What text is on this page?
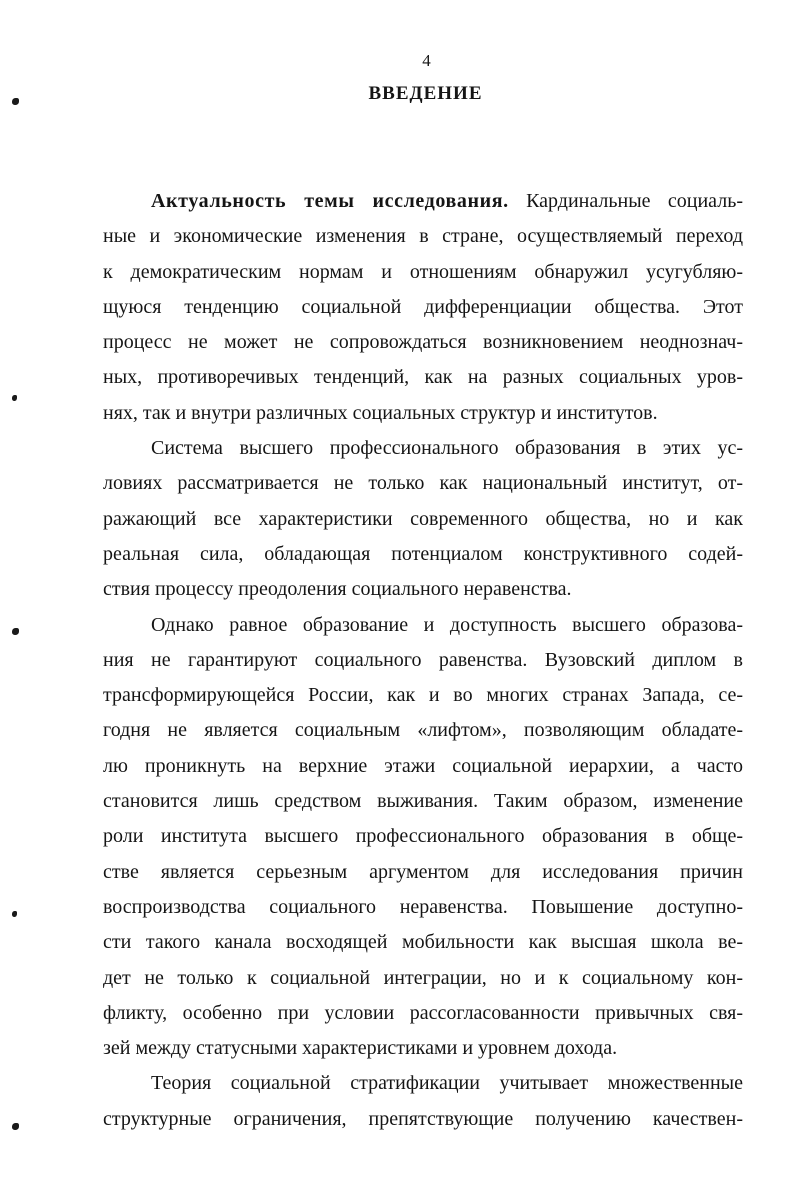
4
ВВЕДЕНИЕ
Актуальность темы исследования. Кардинальные социаль-
ные и экономические изменения в стране, осуществляемый переход
к демократическим нормам и отношениям обнаружил усугубляю-
щуюся тенденцию социальной дифференциации общества. Этот
процесс не может не сопровождаться возникновением неоднознач-
ных, противоречивых тенденций, как на разных социальных уров-
нях, так и внутри различных социальных структур и институтов.
Система высшего профессионального образования в этих ус-
ловиях рассматривается не только как национальный институт, от-
ражающий все характеристики современного общества, но и как
реальная сила, обладающая потенциалом конструктивного содей-
ствия процессу преодоления социального неравенства.
Однако равное образование и доступность высшего образова-
ния не гарантируют социального равенства. Вузовский диплом в
трансформирующейся России, как и во многих странах Запада, се-
годня не является социальным «лифтом», позволяющим обладате-
лю проникнуть на верхние этажи социальной иерархии, а часто
становится лишь средством выживания. Таким образом, изменение
роли института высшего профессионального образования в обще-
стве является серьезным аргументом для исследования причин
воспроизводства социального неравенства. Повышение доступно-
сти такого канала восходящей мобильности как высшая школа ве-
дет не только к социальной интеграции, но и к социальному кон-
фликту, особенно при условии рассогласованности привычных свя-
зей между статусными характеристиками и уровнем дохода.
Теория социальной стратификации учитывает множественные
структурные ограничения, препятствующие получению качествен-
